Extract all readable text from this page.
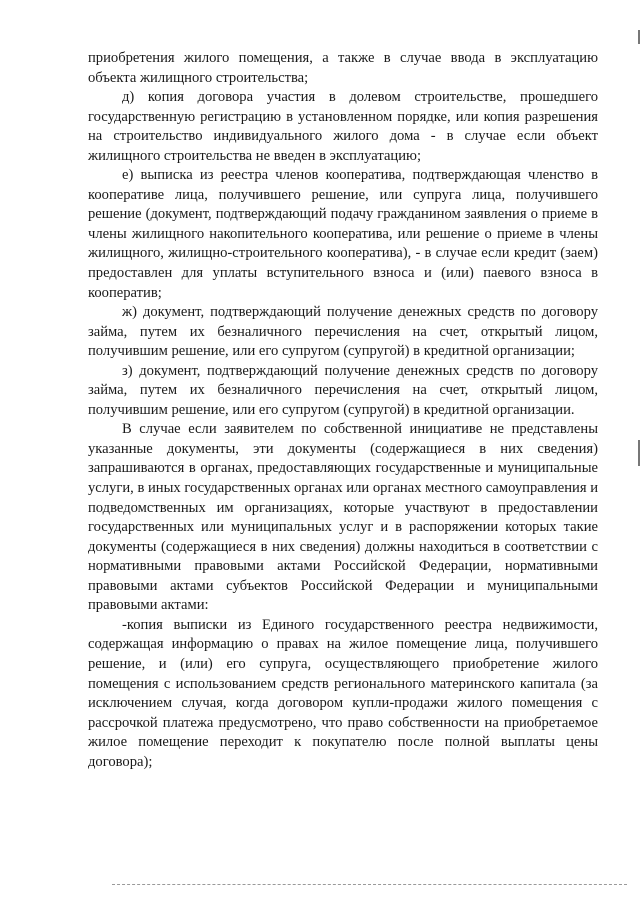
приобретения жилого помещения, а также в случае ввода в эксплуатацию объекта жилищного строительства;

д) копия договора участия в долевом строительстве, прошедшего государственную регистрацию в установленном порядке, или копия разрешения на строительство индивидуального жилого дома - в случае если объект жилищного строительства не введен в эксплуатацию;

е) выписка из реестра членов кооператива, подтверждающая членство в кооперативе лица, получившего решение, или супруга лица, получившего решение (документ, подтверждающий подачу гражданином заявления о приеме в члены жилищного накопительного кооператива, или решение о приеме в члены жилищного, жилищно-строительного кооператива), - в случае если кредит (заем) предоставлен для уплаты вступительного взноса и (или) паевого взноса в кооператив;

ж) документ, подтверждающий получение денежных средств по договору займа, путем их безналичного перечисления на счет, открытый лицом, получившим решение, или его супругом (супругой) в кредитной организации;

з) документ, подтверждающий получение денежных средств по договору займа, путем их безналичного перечисления на счет, открытый лицом, получившим решение, или его супругом (супругой) в кредитной организации.

В случае если заявителем по собственной инициативе не представлены указанные документы, эти документы (содержащиеся в них сведения) запрашиваются в органах, предоставляющих государственные и муниципальные услуги, в иных государственных органах или органах местного самоуправления и подведомственных им организациях, которые участвуют в предоставлении государственных или муниципальных услуг и в распоряжении которых такие документы (содержащиеся в них сведения) должны находиться в соответствии с нормативными правовыми актами Российской Федерации, нормативными правовыми актами субъектов Российской Федерации и муниципальными правовыми актами:

-копия выписки из Единого государственного реестра недвижимости, содержащая информацию о правах на жилое помещение лица, получившего решение, и (или) его супруга, осуществляющего приобретение жилого помещения с использованием средств регионального материнского капитала (за исключением случая, когда договором купли-продажи жилого помещения с рассрочкой платежа предусмотрено, что право собственности на приобретаемое жилое помещение переходит к покупателю после полной выплаты цены договора);
